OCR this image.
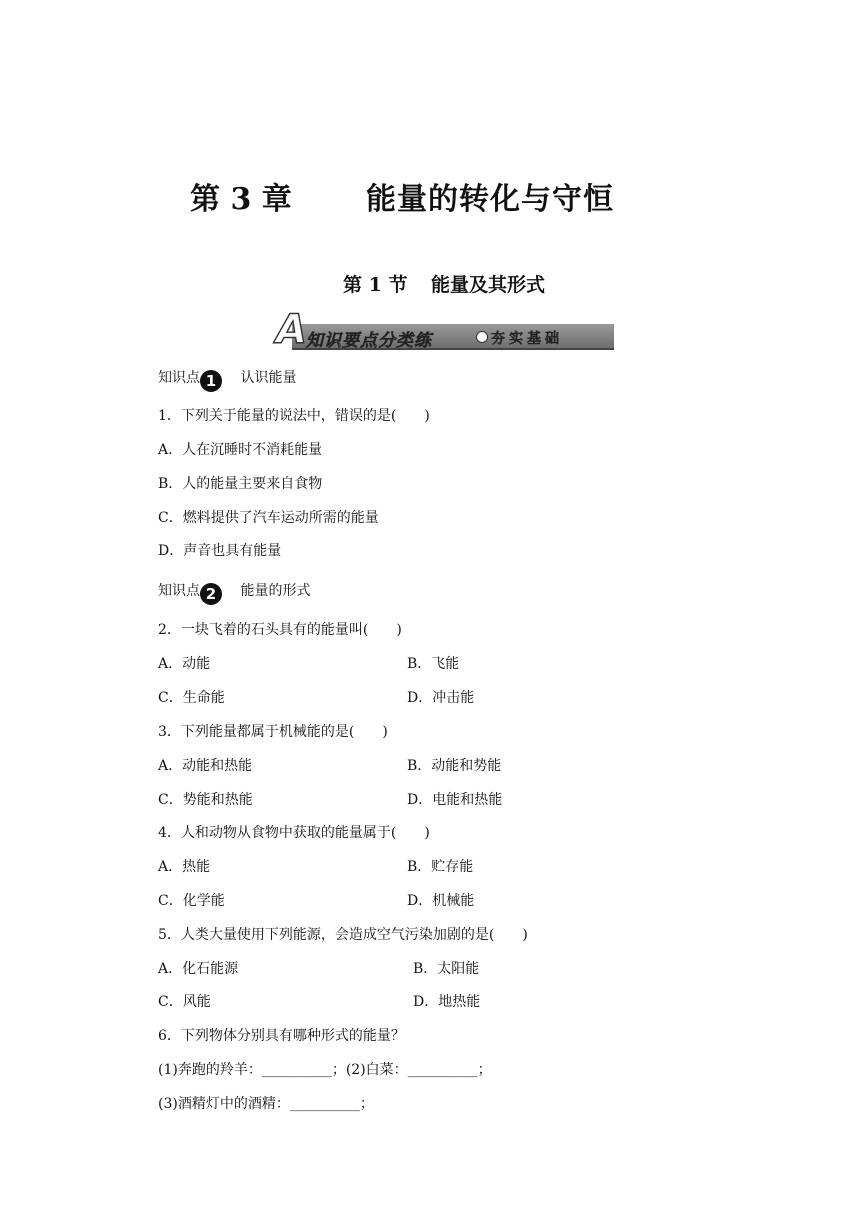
第 3 章 能量的转化与守恒
第 1 节 能量及其形式
A 知识要点分类练	夯实基础
知识点 1 认识能量
1．下列关于能量的说法中，错误的是(　　)
A．人在沉睡时不消耗能量
B．人的能量主要来自食物
C．燃料提供了汽车运动所需的能量
D．声音也具有能量
知识点 2 能量的形式
2．一块飞着的石头具有的能量叫(　　)
A．动能	B．飞能
C．生命能	D．冲击能
3．下列能量都属于机械能的是(　　)
A．动能和热能	B．动能和势能
C．势能和热能	D．电能和热能
4．人和动物从食物中获取的能量属于(　　)
A．热能	B．贮存能
C．化学能	D．机械能
5．人类大量使用下列能源，会造成空气污染加剧的是(　　)
A．化石能源	B．太阳能
C．风能	D．地热能
6．下列物体分别具有哪种形式的能量？
(1)奔跑的羚羊：__________；(2)白菜：__________；
(3)酒精灯中的酒精：__________；
